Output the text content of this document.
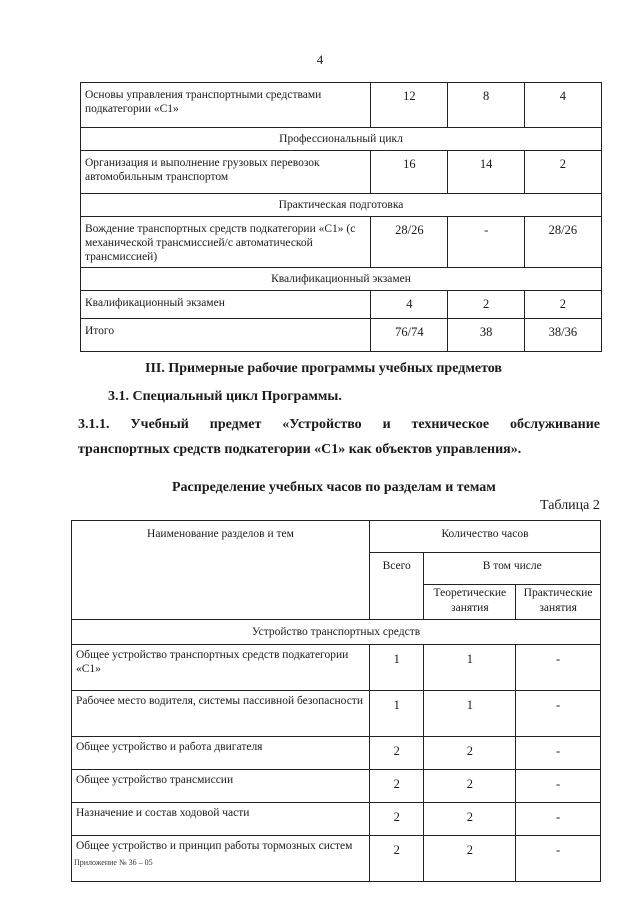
4
Основы управления транспортными средствами подкатегории «С1»	12	8	4
Профессиональный цикл			
Организация и выполнение грузовых перевозок автомобильным транспортом	16	14	2
Практическая подготовка			
Вождение транспортных средств подкатегории «С1» (с механической трансмиссией/с автоматической трансмиссией)	28/26	-	28/26
Квалификационный экзамен			
Квалификационный экзамен	4	2	2
Итого	76/74	38	38/36
III. Примерные рабочие программы учебных предметов
3.1. Специальный цикл Программы.
3.1.1. Учебный предмет «Устройство и техническое обслуживание
транспортных средств подкатегории «С1» как объектов управления».
Распределение учебных часов по разделам и темам
Таблица 2
Наименование разделов и тем	Количество часов		
	Всего	В том числе	

		Теоретические занятия	Практические занятия

Устройство транспортных средств			
Общее устройство транспортных средств подкатегории «С1»	1	1	-
Рабочее место водителя, системы пассивной безопасности	1	1	-
Общее устройство и работа двигателя	2	2	-
Общее устройство трансмиссии	2	2	-
Назначение и состав ходовой части	2	2	-
Общее устройство и принцип работы тормозных систем	2	2	-
Приложение № 36 – 05
